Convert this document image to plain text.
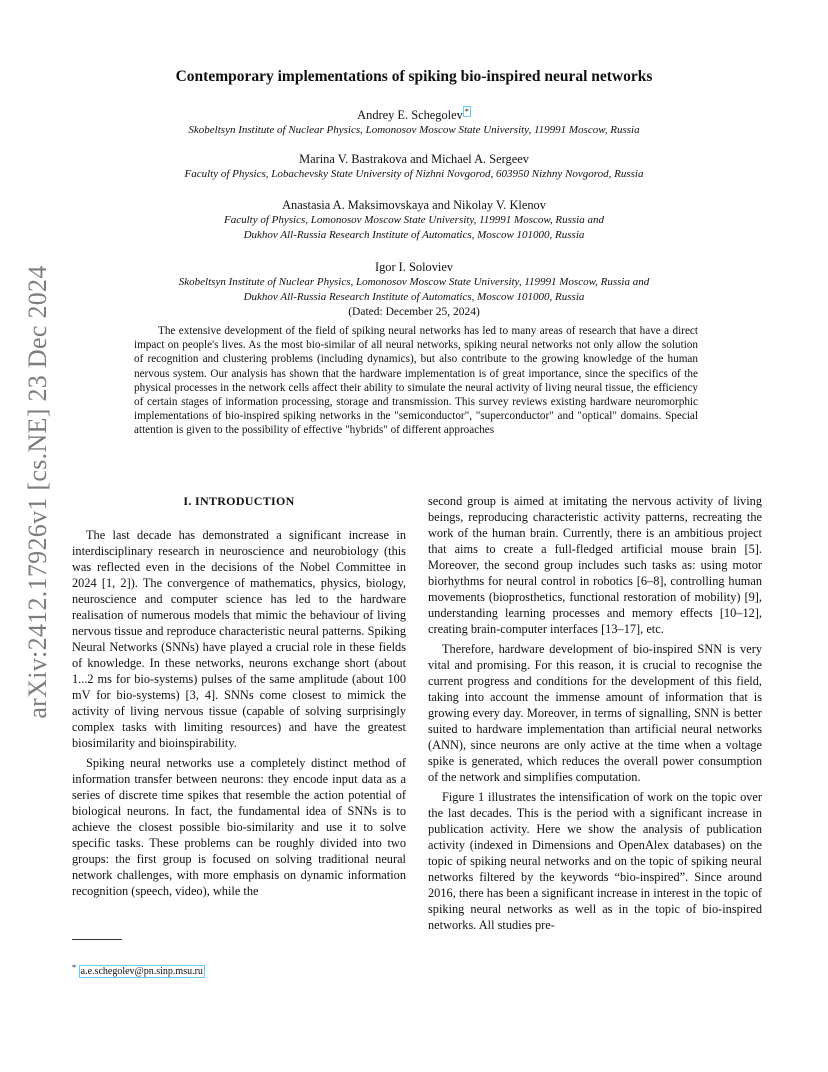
arXiv:2412.17926v1 [cs.NE] 23 Dec 2024
Contemporary implementations of spiking bio-inspired neural networks
Andrey E. Schegolev *
Skobeltsyn Institute of Nuclear Physics, Lomonosov Moscow State University, 119991 Moscow, Russia
Marina V. Bastrakova and Michael A. Sergeev
Faculty of Physics, Lobachevsky State University of Nizhni Novgorod, 603950 Nizhny Novgorod, Russia
Anastasia A. Maksimovskaya and Nikolay V. Klenov
Faculty of Physics, Lomonosov Moscow State University, 119991 Moscow, Russia and
Dukhov All-Russia Research Institute of Automatics, Moscow 101000, Russia
Igor I. Soloviev
Skobeltsyn Institute of Nuclear Physics, Lomonosov Moscow State University, 119991 Moscow, Russia and
Dukhov All-Russia Research Institute of Automatics, Moscow 101000, Russia
(Dated: December 25, 2024)
The extensive development of the field of spiking neural networks has led to many areas of research that have a direct impact on people's lives. As the most bio-similar of all neural networks, spiking neural networks not only allow the solution of recognition and clustering problems (including dynamics), but also contribute to the growing knowledge of the human nervous system. Our analysis has shown that the hardware implementation is of great importance, since the specifics of the physical processes in the network cells affect their ability to simulate the neural activity of living neural tissue, the efficiency of certain stages of information processing, storage and transmission. This survey reviews existing hardware neuromorphic implementations of bio-inspired spiking networks in the "semiconductor", "superconductor" and "optical" domains. Special attention is given to the possibility of effective "hybrids" of different approaches
I. INTRODUCTION

The last decade has demonstrated a significant increase in interdisciplinary research in neuroscience and neurobiology (this was reflected even in the decisions of the Nobel Committee in 2024 [1, 2]). The convergence of mathematics, physics, biology, neuroscience and computer science has led to the hardware realisation of numerous models that mimic the behaviour of living nervous tissue and reproduce characteristic neural patterns. Spiking Neural Networks (SNNs) have played a crucial role in these fields of knowledge. In these networks, neurons exchange short (about 1...2 ms for bio-systems) pulses of the same amplitude (about 100 mV for bio-systems) [3, 4]. SNNs come closest to mimick the activity of living nervous tissue (capable of solving surprisingly complex tasks with limiting resources) and have the greatest biosimilarity and bioinspirability.

Spiking neural networks use a completely distinct method of information transfer between neurons: they encode input data as a series of discrete time spikes that resemble the action potential of biological neurons. In fact, the fundamental idea of SNNs is to achieve the closest possible bio-similarity and use it to solve specific tasks. These problems can be roughly divided into two groups: the first group is focused on solving traditional neural network challenges, with more emphasis on dynamic information recognition (speech, video), while the

second group is aimed at imitating the nervous activity of living beings, reproducing characteristic activity patterns, recreating the work of the human brain. Currently, there is an ambitious project that aims to create a full-fledged artificial mouse brain [5]. Moreover, the second group includes such tasks as: using motor biorhythms for neural control in robotics [6–8], controlling human movements (bioprosthetics, functional restoration of mobility) [9], understanding learning processes and memory effects [10–12], creating brain-computer interfaces [13–17], etc.

Therefore, hardware development of bio-inspired SNN is very vital and promising. For this reason, it is crucial to recognise the current progress and conditions for the development of this field, taking into account the immense amount of information that is growing every day. Moreover, in terms of signalling, SNN is better suited to hardware implementation than artificial neural networks (ANN), since neurons are only active at the time when a voltage spike is generated, which reduces the overall power consumption of the network and simplifies computation.

Figure 1 illustrates the intensification of work on the topic over the last decades. This is the period with a significant increase in publication activity. Here we show the analysis of publication activity (indexed in Dimensions and OpenAlex databases) on the topic of spiking neural networks and on the topic of spiking neural networks filtered by the keywords “bio-inspired”. Since around 2016, there has been a significant increase in interest in the topic of spiking neural networks as well as in the topic of bio-inspired networks. All studies pre-

* a.e.schegolev@pn.sinp.msu.ru
